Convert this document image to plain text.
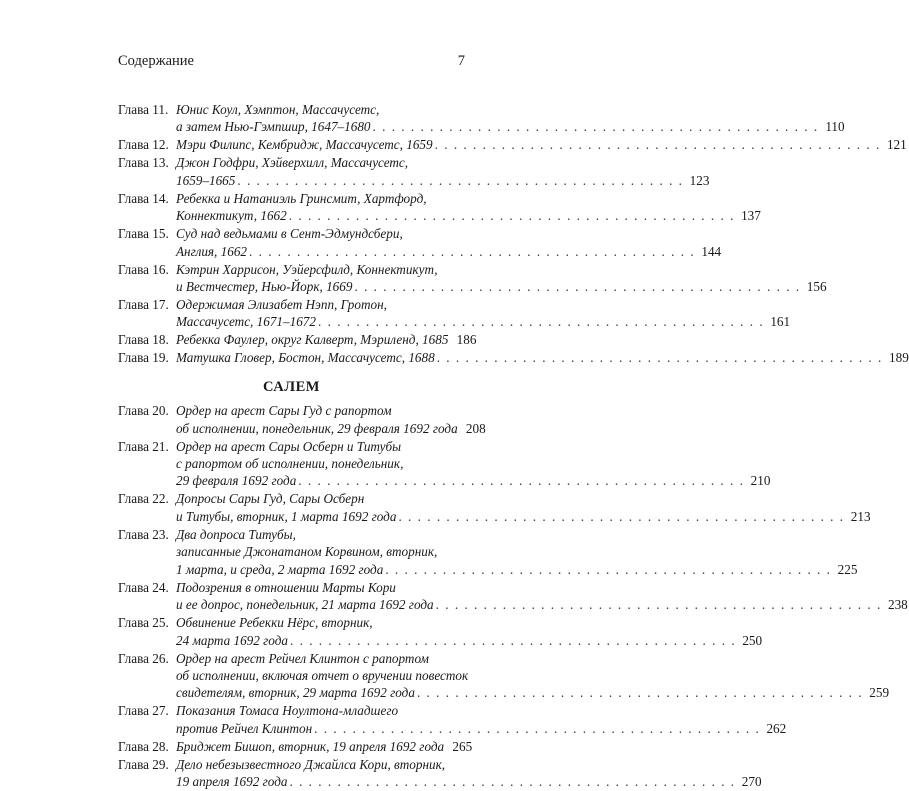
Содержание	7
Глава 11. Юнис Коул, Хэмптон, Массачусетс,
а затем Нью-Гэмпшир, 1647–1680 . . . . . . . . . . . . . . . . . . . . . . . . . . . . . . . . . . . . . . . . . . . . . . . 110
Глава 12. Мэри Филипс, Кембридж, Массачусетс, 1659 . . . . . . . . . . . . . . . . . . . . . . . . . . . . . . . . . . . . . . . . . . . . . . . 121
Глава 13. Джон Годфри, Хэйверхилл, Массачусетс,
1659–1665 . . . . . . . . . . . . . . . . . . . . . . . . . . . . . . . . . . . . . . . . . . . . . . . 123
Глава 14. Ребекка и Натаниэль Гринсмит, Хартфорд,
Коннектикут, 1662 . . . . . . . . . . . . . . . . . . . . . . . . . . . . . . . . . . . . . . . . . . . . . . . 137
Глава 15. Суд над ведьмами в Сент-Эдмундсбери,
Англия, 1662 . . . . . . . . . . . . . . . . . . . . . . . . . . . . . . . . . . . . . . . . . . . . . . . 144
Глава 16. Кэтрин Харрисон, Уэйерсфилд, Коннектикут,
и Вестчестер, Нью-Йорк, 1669 . . . . . . . . . . . . . . . . . . . . . . . . . . . . . . . . . . . . . . . . . . . . . . . 156
Глава 17. Одержимая Элизабет Нэпп, Гротон,
Массачусетс, 1671–1672 . . . . . . . . . . . . . . . . . . . . . . . . . . . . . . . . . . . . . . . . . . . . . . . 161
Глава 18. Ребекка Фаулер, округ Калверт, Мэриленд, 1685 186
Глава 19. Матушка Гловер, Бостон, Массачусетс, 1688 . . . . . . . . . . . . . . . . . . . . . . . . . . . . . . . . . . . . . . . . . . . . . . . 189
САЛЕМ
Глава 20. Ордер на арест Сары Гуд с рапортом
об исполнении, понедельник, 29 февраля 1692 года 208
Глава 21. Ордер на арест Сары Осберн и Титубы
с рапортом об исполнении, понедельник,
29 февраля 1692 года . . . . . . . . . . . . . . . . . . . . . . . . . . . . . . . . . . . . . . . . . . . . . . . 210
Глава 22. Допросы Сары Гуд, Сары Осберн
и Титубы, вторник, 1 марта 1692 года . . . . . . . . . . . . . . . . . . . . . . . . . . . . . . . . . . . . . . . . . . . . . . . 213
Глава 23. Два допроса Титубы,
записанные Джонатаном Корвином, вторник,
1 марта, и среда, 2 марта 1692 года . . . . . . . . . . . . . . . . . . . . . . . . . . . . . . . . . . . . . . . . . . . . . . . 225
Глава 24. Подозрения в отношении Марты Кори
и ее допрос, понедельник, 21 марта 1692 года . . . . . . . . . . . . . . . . . . . . . . . . . . . . . . . . . . . . . . . . . . . . . . . 238
Глава 25. Обвинение Ребекки Нёрс, вторник,
24 марта 1692 года . . . . . . . . . . . . . . . . . . . . . . . . . . . . . . . . . . . . . . . . . . . . . . . 250
Глава 26. Ордер на арест Рейчел Клинтон с рапортом
об исполнении, включая отчет о вручении повесток
свидетелям, вторник, 29 марта 1692 года . . . . . . . . . . . . . . . . . . . . . . . . . . . . . . . . . . . . . . . . . . . . . . . 259
Глава 27. Показания Томаса Ноултона-младшего
против Рейчел Клинтон . . . . . . . . . . . . . . . . . . . . . . . . . . . . . . . . . . . . . . . . . . . . . . . 262
Глава 28. Бриджет Бишоп, вторник, 19 апреля 1692 года 265
Глава 29. Дело небезызвестного Джайлса Кори, вторник,
19 апреля 1692 года . . . . . . . . . . . . . . . . . . . . . . . . . . . . . . . . . . . . . . . . . . . . . . . 270
